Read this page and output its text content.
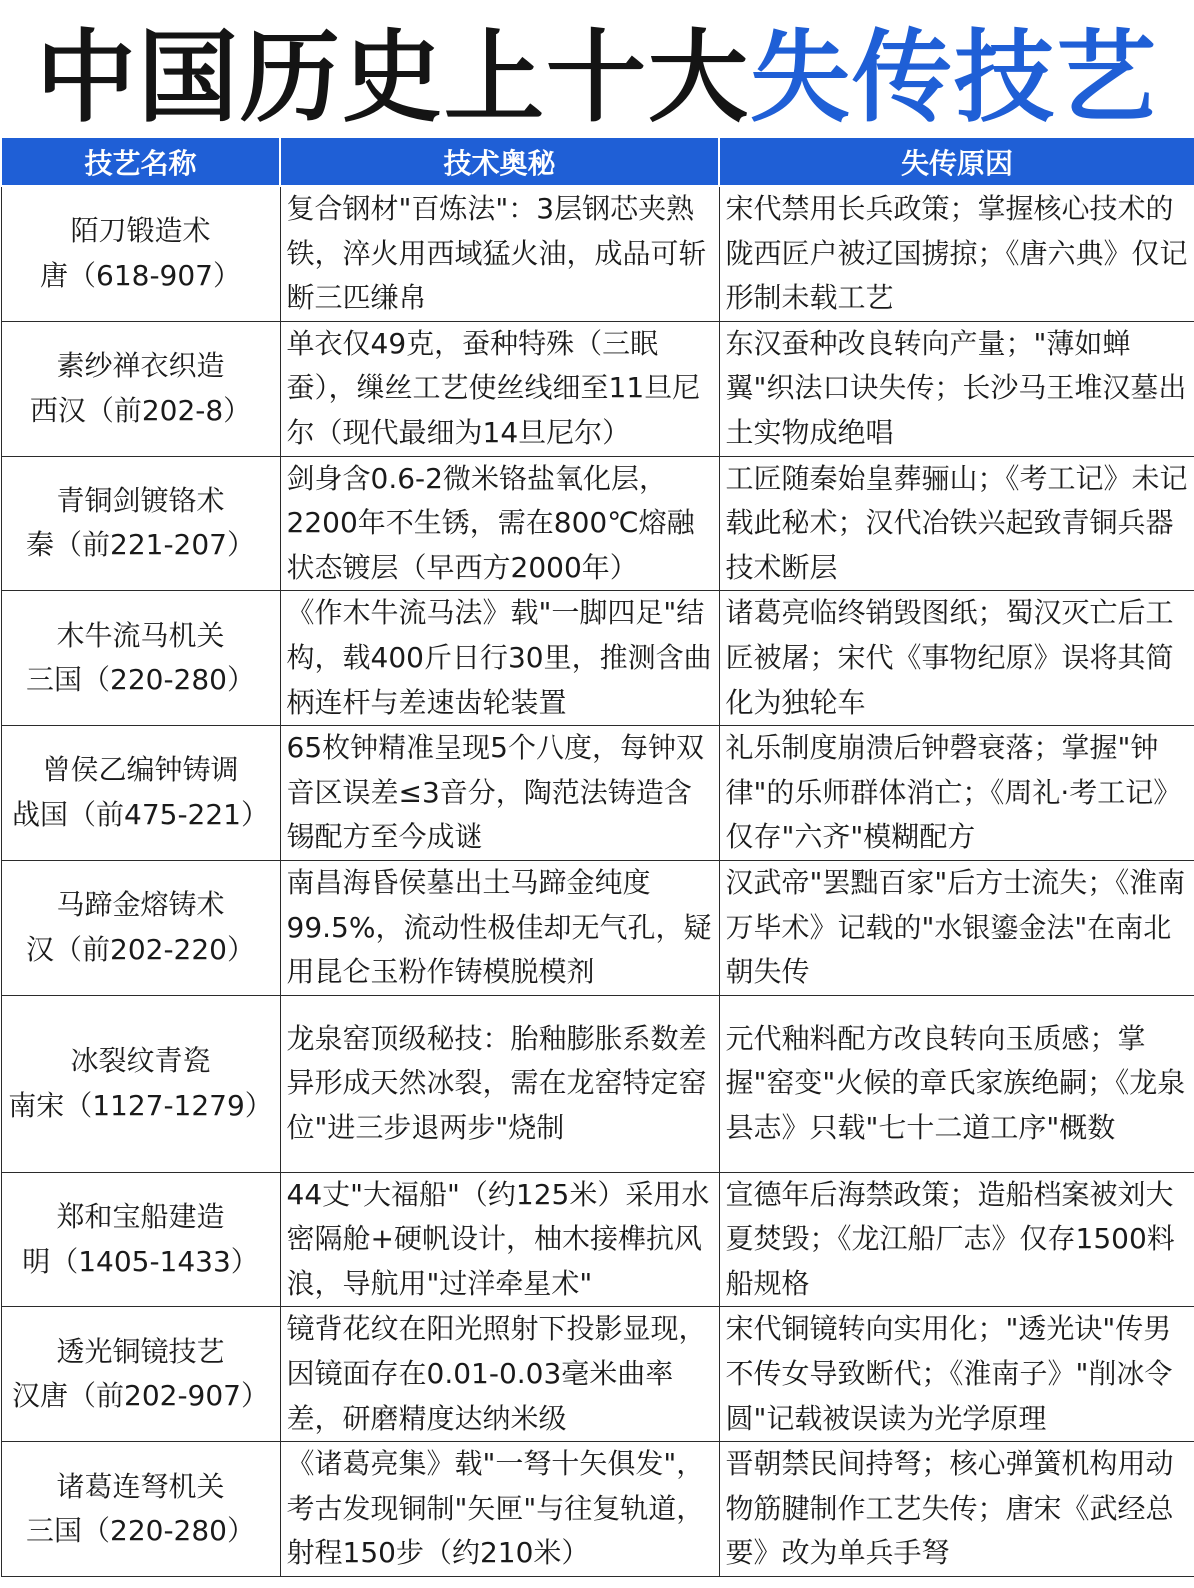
中国历史上十大 失传技艺
技艺名称	技术奥秘	失传原因

陌刀锻造术
唐（618-907）	复合钢材"百炼法"：3层钢芯夹熟铁，淬火用西域猛火油，成品可斩断三匹缣帛	宋代禁用长兵政策；掌握核心技术的陇西匠户被辽国掳掠；《唐六典》仅记形制未载工艺

素纱禅衣织造
西汉（前202-8）	单衣仅49克，蚕种特殊（三眠蚕），缫丝工艺使丝线细至11旦尼尔（现代最细为14旦尼尔）	东汉蚕种改良转向产量；"薄如蝉翼"织法口诀失传；长沙马王堆汉墓出土实物成绝唱

青铜剑镀铬术
秦（前221-207）	剑身含0.6-2微米铬盐氧化层，2200年不生锈，需在800℃熔融状态镀层（早西方2000年）	工匠随秦始皇葬骊山；《考工记》未记载此秘术；汉代冶铁兴起致青铜兵器技术断层

木牛流马机关
三国（220-280）	《作木牛流马法》载"一脚四足"结构，载400斤日行30里，推测含曲柄连杆与差速齿轮装置	诸葛亮临终销毁图纸；蜀汉灭亡后工匠被屠；宋代《事物纪原》误将其简化为独轮车

曾侯乙编钟铸调
战国（前475-221）	65枚钟精准呈现5个八度，每钟双音区误差≤3音分，陶范法铸造含锡配方至今成谜	礼乐制度崩溃后钟磬衰落；掌握"钟律"的乐师群体消亡；《周礼·考工记》仅存"六齐"模糊配方

马蹄金熔铸术
汉（前202-220）	南昌海昏侯墓出土马蹄金纯度99.5%，流动性极佳却无气孔，疑用昆仑玉粉作铸模脱模剂	汉武帝"罢黜百家"后方士流失；《淮南万毕术》记载的"水银鎏金法"在南北朝失传

冰裂纹青瓷
南宋（1127-1279）	龙泉窑顶级秘技：胎釉膨胀系数差异形成天然冰裂，需在龙窑特定窑位"进三步退两步"烧制	元代釉料配方改良转向玉质感；掌握"窑变"火候的章氏家族绝嗣；《龙泉县志》只载"七十二道工序"概数

郑和宝船建造
明（1405-1433）	44丈"大福船"（约125米）采用水密隔舱+硬帆设计，柚木接榫抗风浪，导航用"过洋牵星术"	宣德年后海禁政策；造船档案被刘大夏焚毁；《龙江船厂志》仅存1500料船规格

透光铜镜技艺
汉唐（前202-907）	镜背花纹在阳光照射下投影显现，因镜面存在0.01-0.03毫米曲率差，研磨精度达纳米级	宋代铜镜转向实用化；"透光诀"传男不传女导致断代；《淮南子》"削冰令圆"记载被误读为光学原理

诸葛连弩机关
三国（220-280）	《诸葛亮集》载"一弩十矢俱发"，考古发现铜制"矢匣"与往复轨道，射程150步（约210米）	晋朝禁民间持弩；核心弹簧机构用动物筋腱制作工艺失传；唐宋《武经总要》改为单兵手弩
